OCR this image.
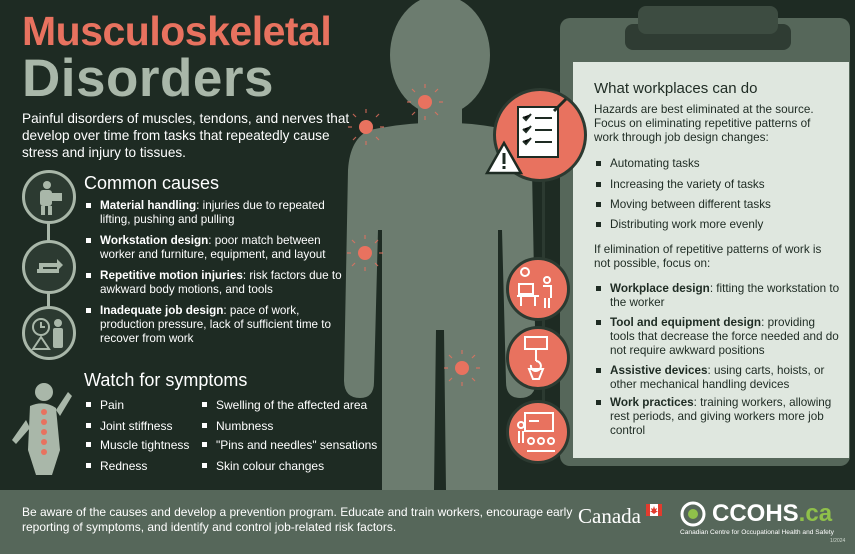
Musculoskeletal
Disorders
Painful disorders of muscles, tendons, and nerves that develop over time from tasks that repeatedly cause stress and injury to tissues.
Common causes
Material handling: injuries due to repeated lifting, pushing and pulling
Workstation design: poor match between worker and furniture, equipment, and layout
Repetitive motion injuries: risk factors due to awkward body motions, and tools
Inadequate job design: pace of work, production pressure, lack of sufficient time to recover from work
Watch for symptoms
Pain
Joint stiffness
Muscle tightness
Redness
Swelling of the affected area
Numbness
"Pins and needles" sensations
Skin colour changes
What workplaces can do
Hazards are best eliminated at the source. Focus on eliminating repetitive patterns of work through job design changes:
Automating tasks
Increasing the variety of tasks
Moving between different tasks
Distributing work more evenly
If elimination of repetitive patterns of work is not possible, focus on:
Workplace design: fitting the workstation to the worker
Tool and equipment design: providing tools that decrease the force needed and do not require awkward positions
Assistive devices: using carts, hoists, or other mechanical handling devices
Work practices: training workers, allowing rest periods, and giving workers more job control
Be aware of the causes and develop a prevention program. Educate and train workers, encourage early reporting of symptoms, and identify and control job-related risk factors.	Canada	CCOHS.ca
Canadian Centre for Occupational Health and Safety
1/2024
